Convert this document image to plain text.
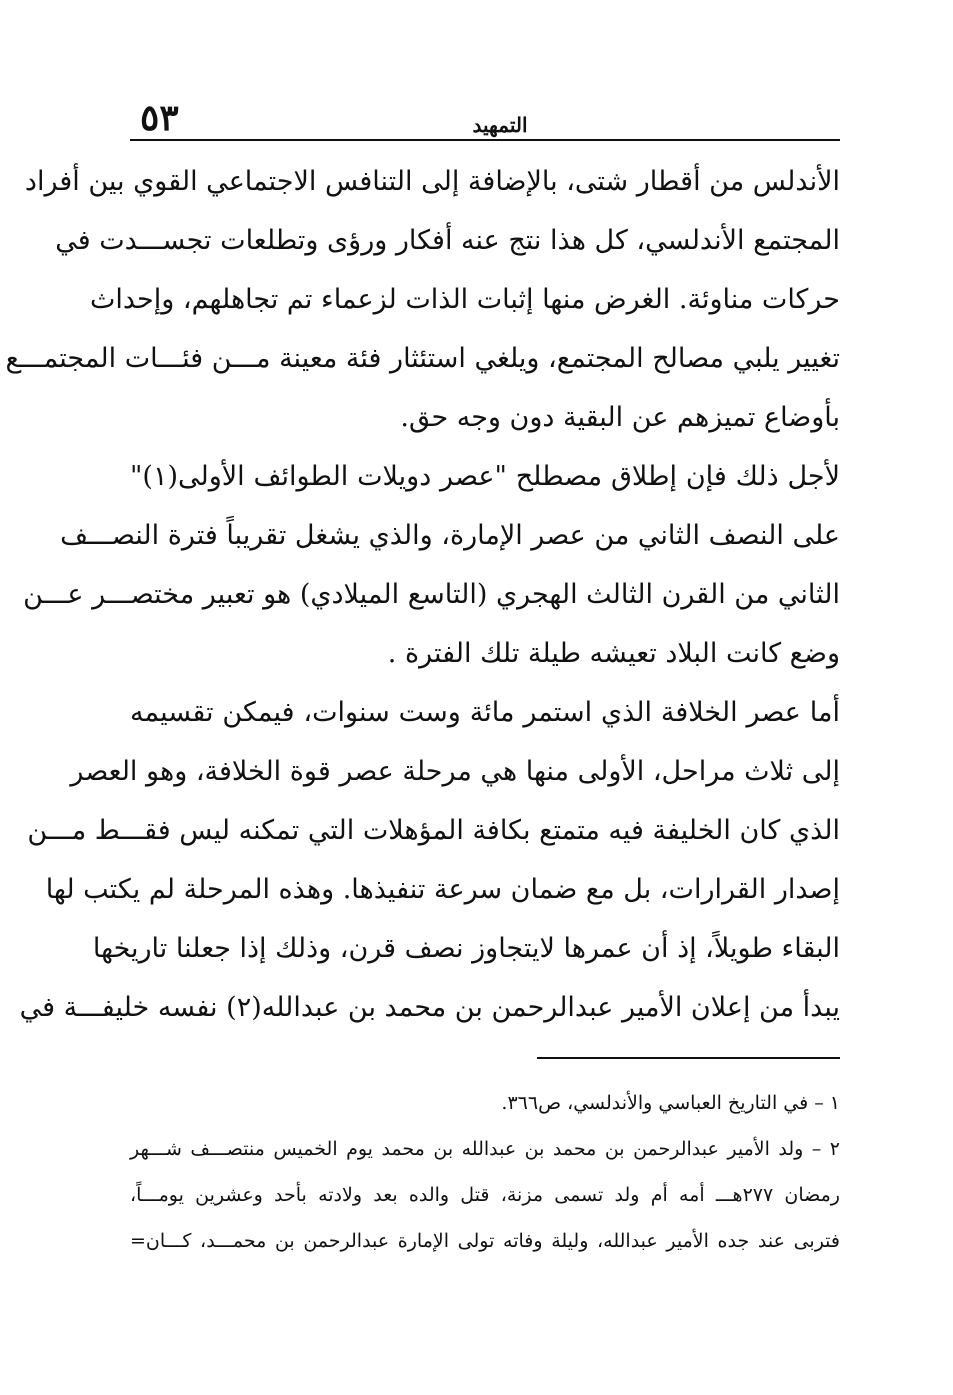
٥٣	التمهيد
الأندلس من أقطار شتى، بالإضافة إلى التنافس الاجتماعي القوي بين أفراد
المجتمع الأندلسي، كل هذا نتج عنه أفكار ورؤى وتطلعات تجســـدت في
حركات مناوئة. الغرض منها إثبات الذات لزعماء تم تجاهلهم، وإحداث
تغيير يلبي مصالح المجتمع، ويلغي استئثار فئة معينة مـــن فئـــات المجتمـــع
بأوضاع تميزهم عن البقية دون وجه حق.
لأجل ذلك فإن إطلاق مصطلح "عصر دويلات الطوائف الأولى(١)"
على النصف الثاني من عصر الإمارة، والذي يشغل تقريباً فترة النصـــف
الثاني من القرن الثالث الهجري (التاسع الميلادي) هو تعبير مختصـــر عـــن
وضع كانت البلاد تعيشه طيلة تلك الفترة .
أما عصر الخلافة الذي استمر مائة وست سنوات، فيمكن تقسيمه
إلى ثلاث مراحل، الأولى منها هي مرحلة عصر قوة الخلافة، وهو العصر
الذي كان الخليفة فيه متمتع بكافة المؤهلات التي تمكنه ليس فقـــط مـــن
إصدار القرارات، بل مع ضمان سرعة تنفيذها. وهذه المرحلة لم يكتب لها
البقاء طويلاً، إذ أن عمرها لايتجاوز نصف قرن، وذلك إذا جعلنا تاريخها
يبدأ من إعلان الأمير عبدالرحمن بن محمد بن عبدالله(٢) نفسه خليفـــة في
١ – في التاريخ العباسي والأندلسي، ص٣٦٦.
٢ – ولد الأمير عبدالرحمن بن محمد بن عبدالله بن محمد يوم الخميس منتصـــف شـــهر
رمضان ٢٧٧هـــ أمه أم ولد تسمى مزنة، قتل والده بعد ولادته بأحد وعشرين يومـــاً،
فتربى عند جده الأمير عبدالله، وليلة وفاته تولى الإمارة عبدالرحمن بن محمـــد، كـــان=
